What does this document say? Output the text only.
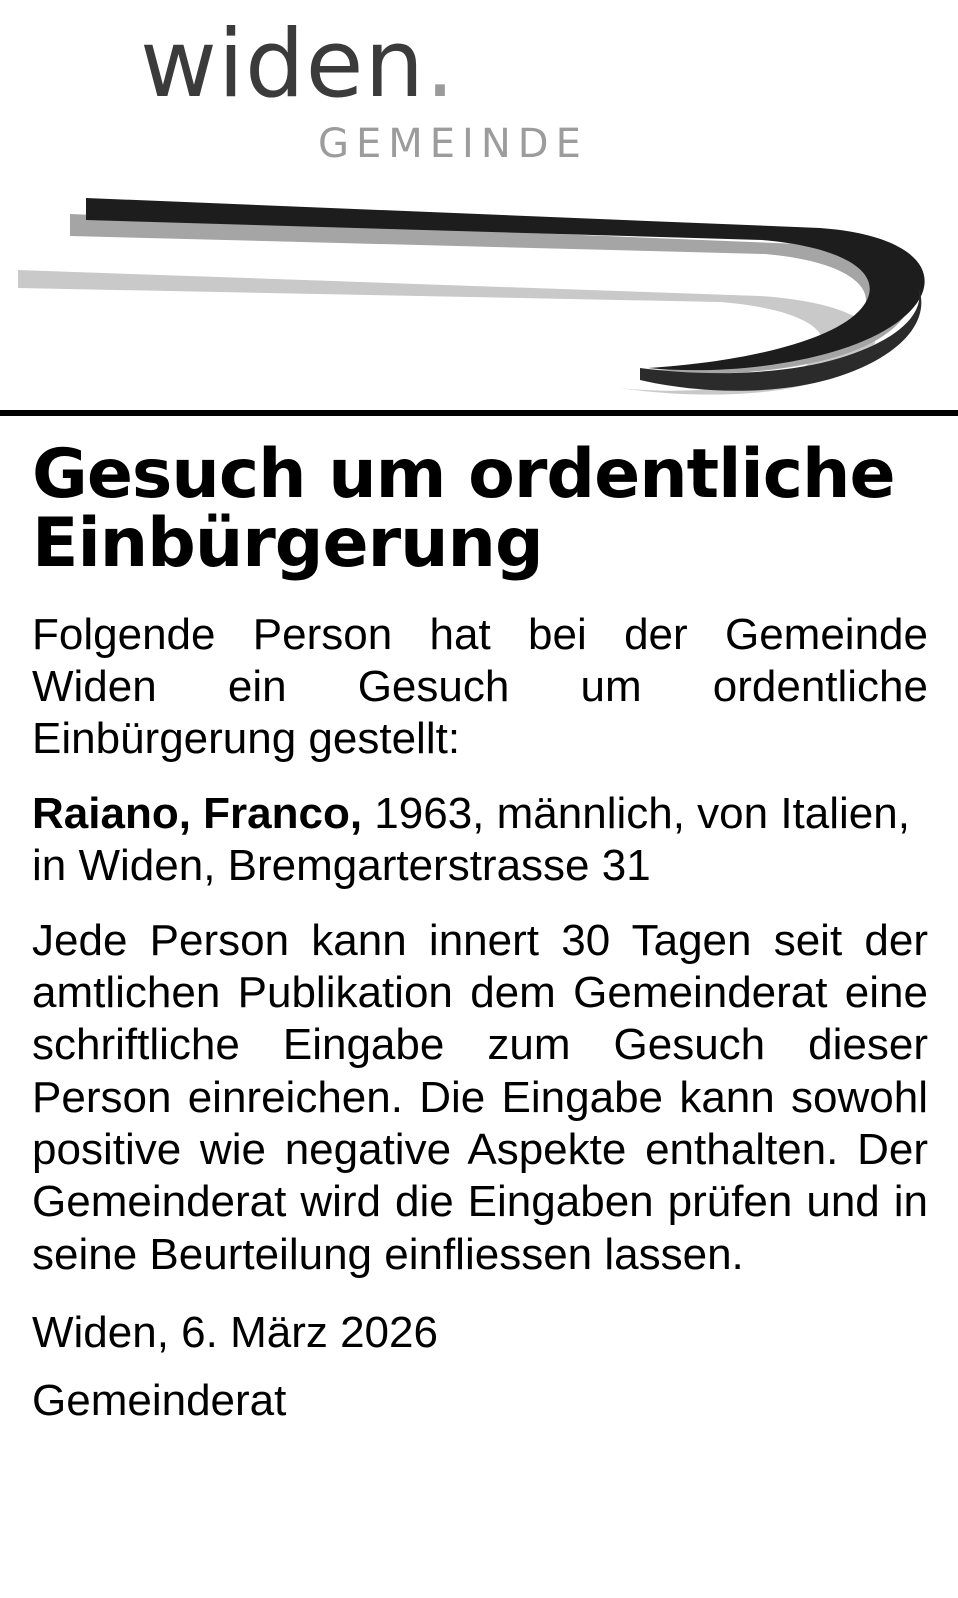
widen.
GEMEINDE
Gesuch um ordentliche Einbürgerung

Folgende Person hat bei der Gemeinde Widen ein Gesuch um ordentliche Einbürgerung gestellt:

Raiano, Franco, 1963, männlich, von Italien, in Widen, Bremgarterstrasse 31

Jede Person kann innert 30 Tagen seit der amtlichen Publikation dem Gemeinderat eine schriftliche Eingabe zum Gesuch dieser Person einreichen. Die Eingabe kann sowohl positive wie negative Aspekte enthalten. Der Gemeinderat wird die Eingaben prüfen und in seine Beurteilung einfliessen lassen.

Widen, 6. März 2026

Gemeinderat
